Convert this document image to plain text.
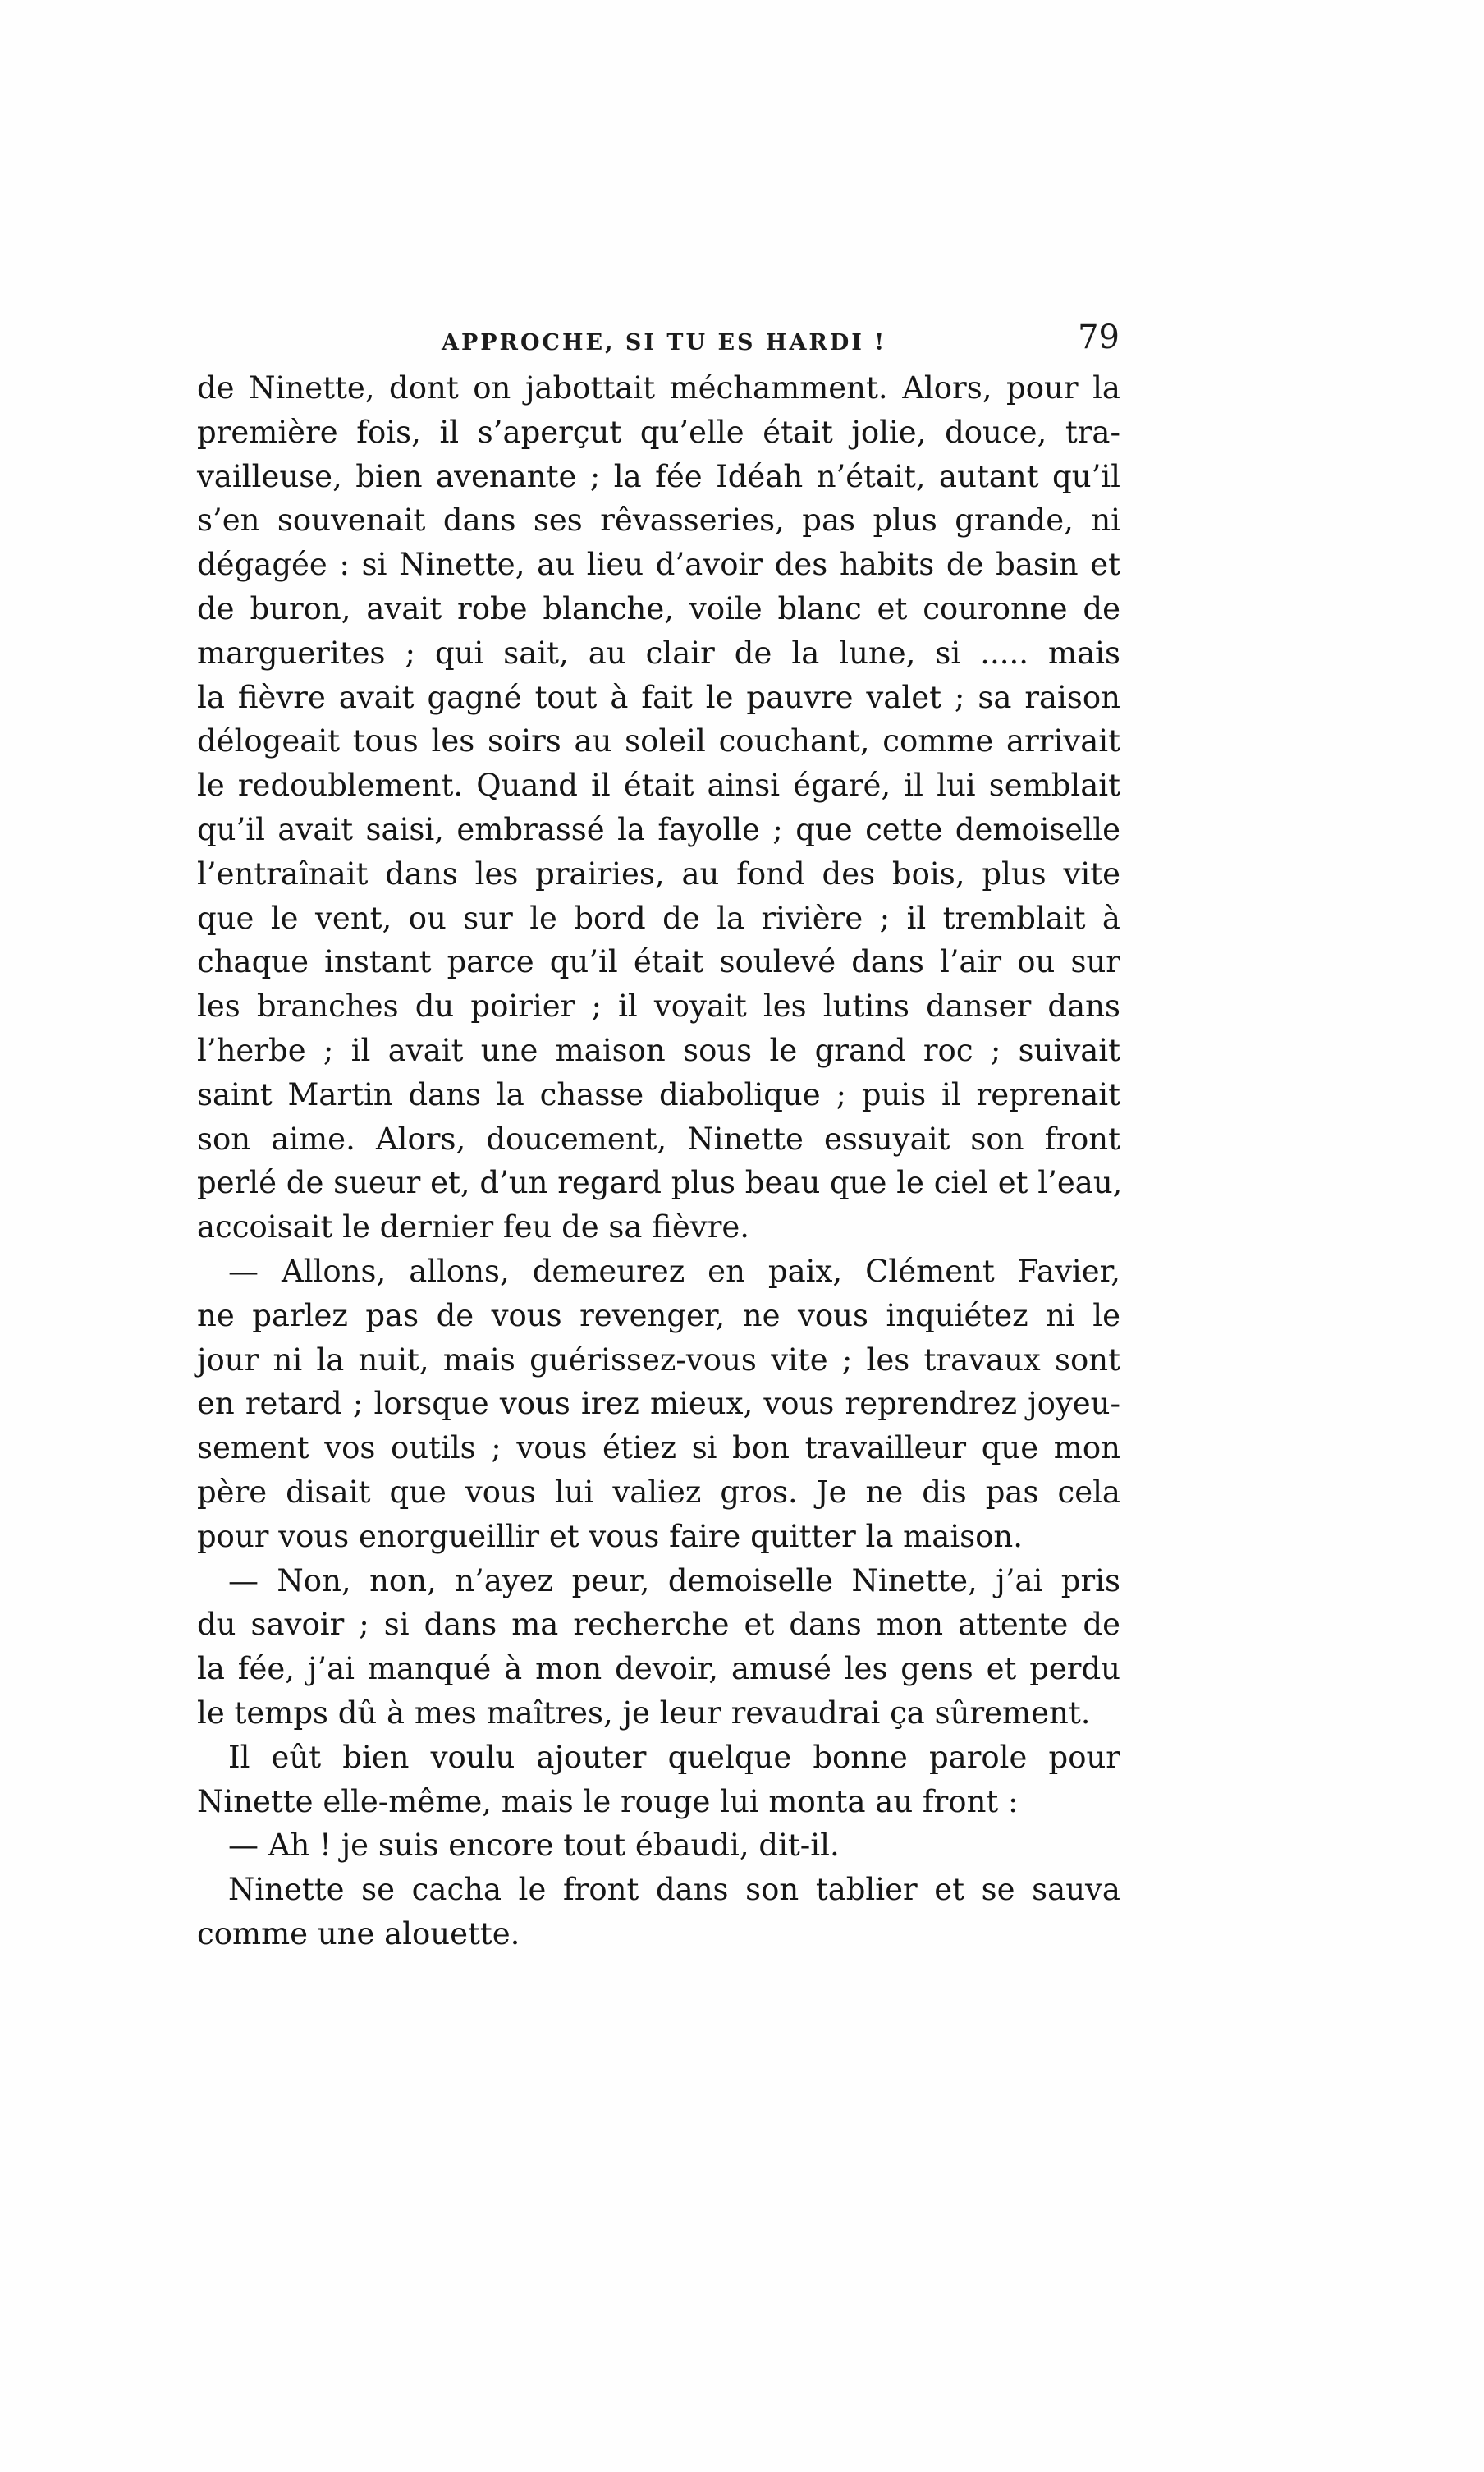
APPROCHE, SI TU ES HARDI !	79
de Ninette, dont on jabottait méchamment. Alors, pour la
première fois, il s’aperçut qu’elle était jolie, douce, tra-
vailleuse, bien avenante ; la fée Idéah n’était, autant qu’il
s’en souvenait dans ses rêvasseries, pas plus grande, ni
dégagée : si Ninette, au lieu d’avoir des habits de basin et
de buron, avait robe blanche, voile blanc et couronne de
marguerites ; qui sait, au clair de la lune, si ..... mais
la fièvre avait gagné tout à fait le pauvre valet ; sa raison
délogeait tous les soirs au soleil couchant, comme arrivait
le redoublement. Quand il était ainsi égaré, il lui semblait
qu’il avait saisi, embrassé la fayolle ; que cette demoiselle
l’entraînait dans les prairies, au fond des bois, plus vite
que le vent, ou sur le bord de la rivière ; il tremblait à
chaque instant parce qu’il était soulevé dans l’air ou sur
les branches du poirier ; il voyait les lutins danser dans
l’herbe ; il avait une maison sous le grand roc ; suivait
saint Martin dans la chasse diabolique ; puis il reprenait
son aime. Alors, doucement, Ninette essuyait son front
perlé de sueur et, d’un regard plus beau que le ciel et l’eau,
accoisait le dernier feu de sa fièvre.
— Allons, allons, demeurez en paix, Clément Favier,
ne parlez pas de vous revenger, ne vous inquiétez ni le
jour ni la nuit, mais guérissez-vous vite ; les travaux sont
en retard ; lorsque vous irez mieux, vous reprendrez joyeu-
sement vos outils ; vous étiez si bon travailleur que mon
père disait que vous lui valiez gros. Je ne dis pas cela
pour vous enorgueillir et vous faire quitter la maison.
— Non, non, n’ayez peur, demoiselle Ninette, j’ai pris
du savoir ; si dans ma recherche et dans mon attente de
la fée, j’ai manqué à mon devoir, amusé les gens et perdu
le temps dû à mes maîtres, je leur revaudrai ça sûrement.
Il eût bien voulu ajouter quelque bonne parole pour
Ninette elle-même, mais le rouge lui monta au front :
— Ah ! je suis encore tout ébaudi, dit-il.
Ninette se cacha le front dans son tablier et se sauva
comme une alouette.
